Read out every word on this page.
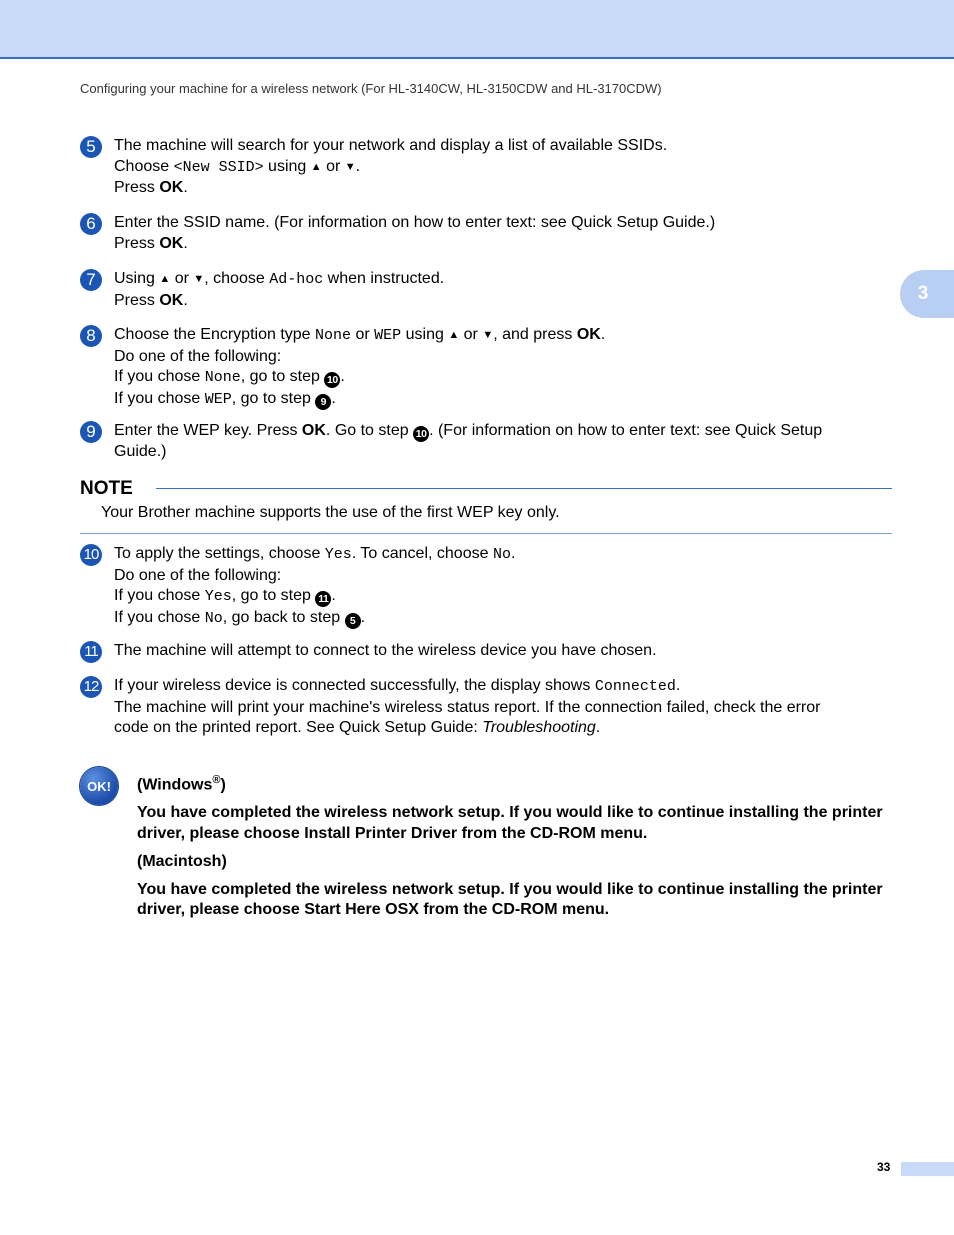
Configuring your machine for a wireless network (For HL-3140CW, HL-3150CDW and HL-3170CDW)
3
5	The machine will search for your network and display a list of available SSIDs.
Choose <New SSID> using ▲ or ▼.
Press OK.
6	Enter the SSID name. (For information on how to enter text: see Quick Setup Guide.)
Press OK.
7	Using ▲ or ▼, choose Ad-hoc when instructed.
Press OK.
8	Choose the Encryption type None or WEP using ▲ or ▼, and press OK.
Do one of the following:
If you chose None, go to step 10 .
If you chose WEP, go to step 9 .
9	Enter the WEP key. Press OK. Go to step 10 . (For information on how to enter text: see Quick Setup
Guide.)
NOTE
Your Brother machine supports the use of the first WEP key only.
10 To apply the settings, choose Yes. To cancel, choose No.
Do one of the following:
If you chose Yes, go to step 11 .
If you chose No, go back to step 5 .
11 The machine will attempt to connect to the wireless device you have chosen.
12 If your wireless device is connected successfully, the display shows Connected.
The machine will print your machine's wireless status report. If the connection failed, check the error
code on the printed report. See Quick Setup Guide: Troubleshooting.
OK!	(Windows®)

You have completed the wireless network setup. If you would like to continue installing the printer driver, please choose Install Printer Driver from the CD-ROM menu.

(Macintosh)

You have completed the wireless network setup. If you would like to continue installing the printer driver, please choose Start Here OSX from the CD-ROM menu.

33
